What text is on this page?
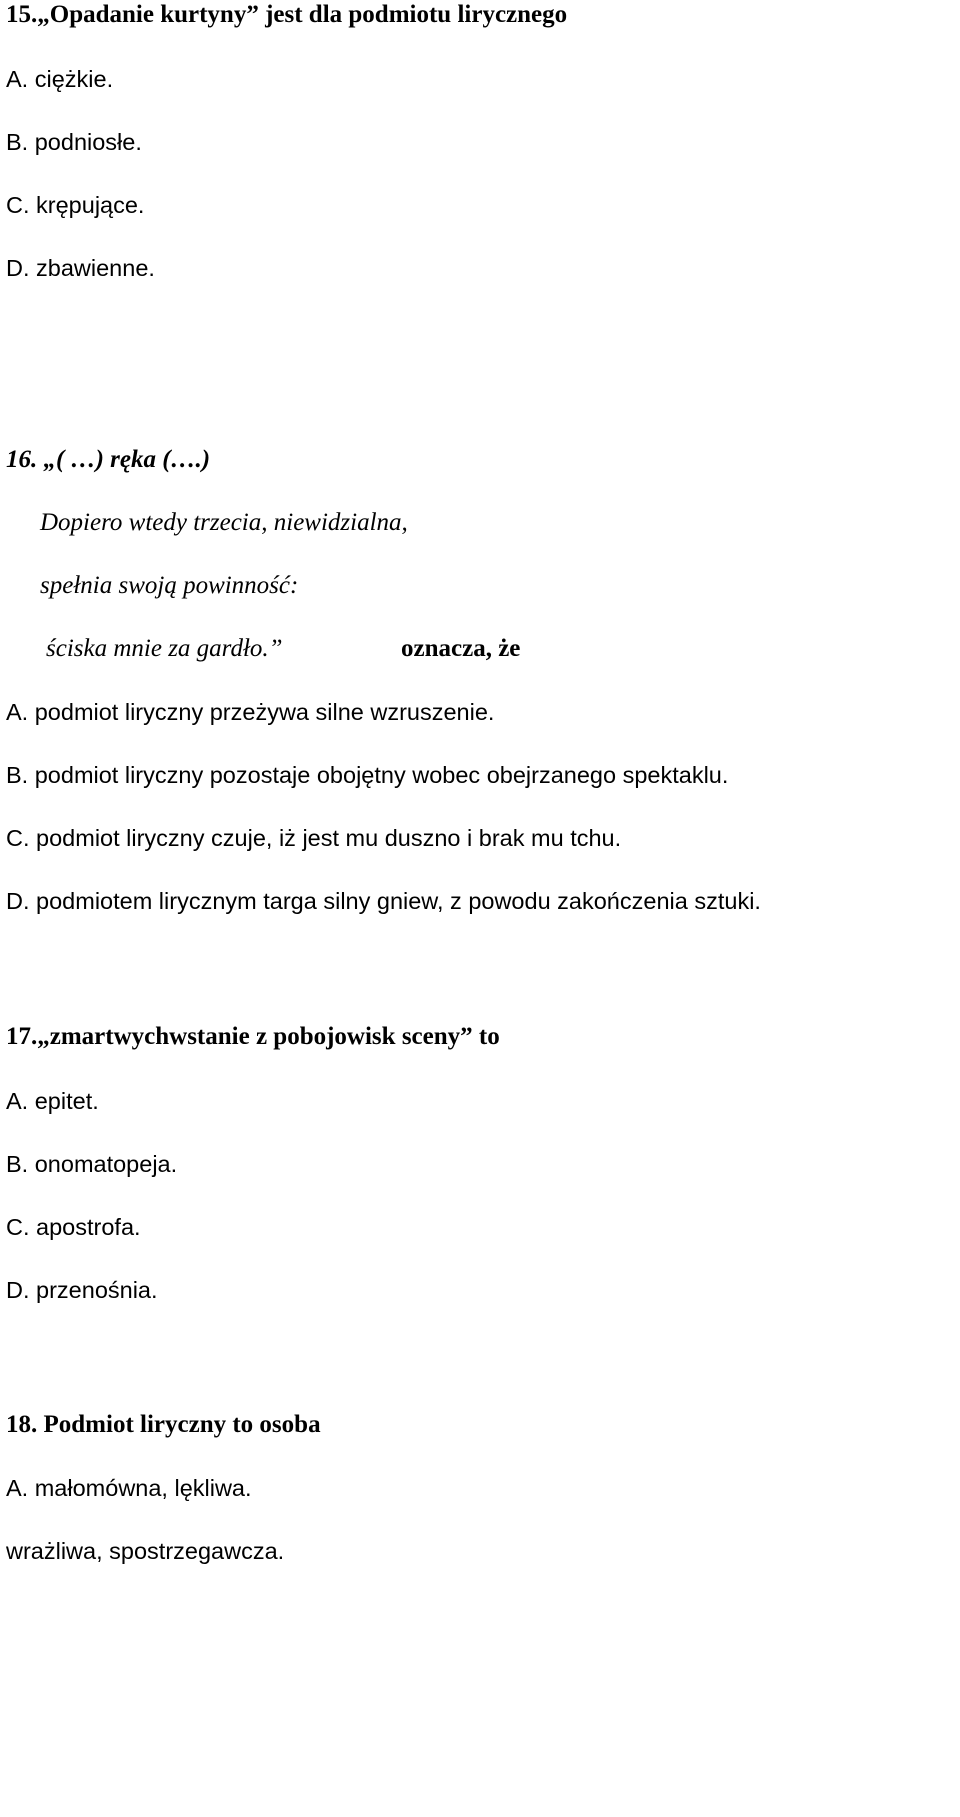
15.„Opadanie kurtyny” jest dla podmiotu lirycznego
A. ciężkie.
B. podniosłe.
C. krępujące.
D. zbawienne.
16. „( …) ręka (….)
Dopiero wtedy trzecia, niewidzialna,
spełnia swoją powinność:
ściska mnie za gardło.”	oznacza, że
A. podmiot liryczny przeżywa silne wzruszenie.
B. podmiot liryczny pozostaje obojętny wobec obejrzanego spektaklu.
C. podmiot liryczny czuje, iż jest mu duszno i brak mu tchu.
D. podmiotem lirycznym targa silny gniew, z powodu zakończenia sztuki.
17.„zmartwychwstanie z pobojowisk sceny” to
A. epitet.
B. onomatopeja.
C. apostrofa.
D. przenośnia.
18. Podmiot liryczny to osoba
A. małomówna, lękliwa.
wrażliwa, spostrzegawcza.
